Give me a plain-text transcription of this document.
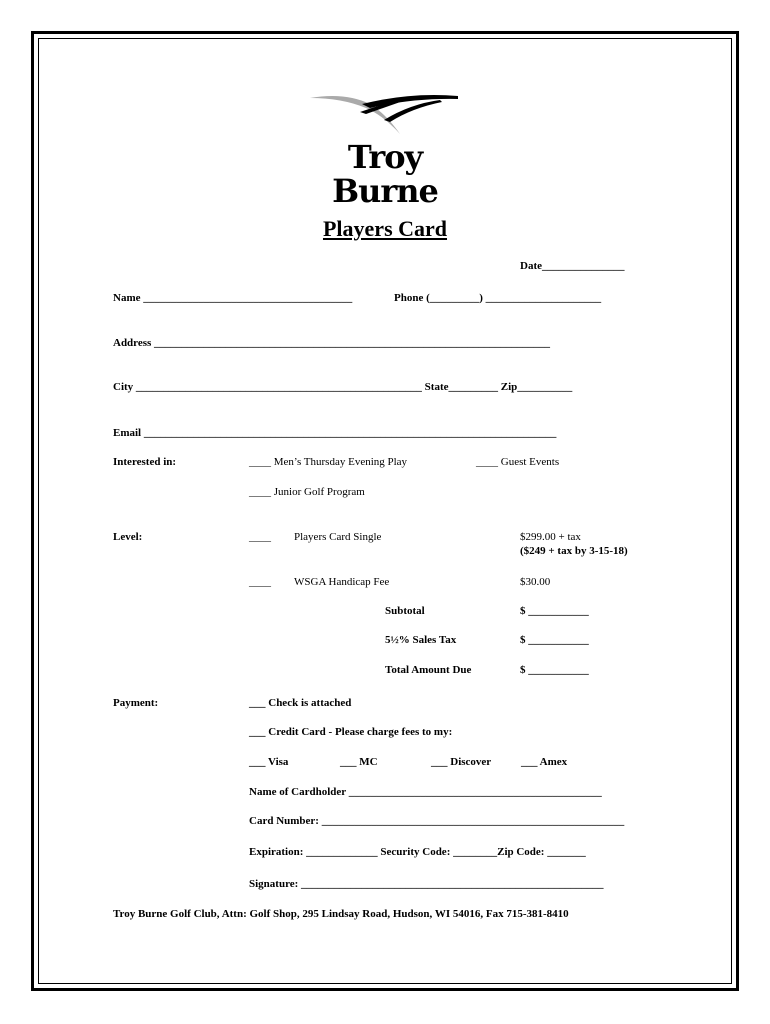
Troy Burne
Players Card
Date_______________
Name ______________________________________	Phone (_________) _____________________
Address ________________________________________________________________________
City ____________________________________________________ State_________ Zip__________
Email ___________________________________________________________________________
Interested in:	____ Men’s Thursday Evening Play	____ Guest Events
____ Junior Golf Program
Level:	____ Players Card Single	$299.00 + tax
($249 + tax by 3-15-18)
____ WSGA Handicap Fee	$30.00
Subtotal	$ ___________
5½% Sales Tax	$ ___________
Total Amount Due	$ ___________
Payment:	___ Check is attached
___ Credit Card - Please charge fees to my:
___ Visa	___ MC	___ Discover	___ Amex
Name of Cardholder ______________________________________________
Card Number: _______________________________________________________
Expiration: _____________ Security Code: ________Zip Code: _______
Signature: _______________________________________________________
Troy Burne Golf Club, Attn: Golf Shop, 295 Lindsay Road, Hudson, WI 54016, Fax 715-381-8410
